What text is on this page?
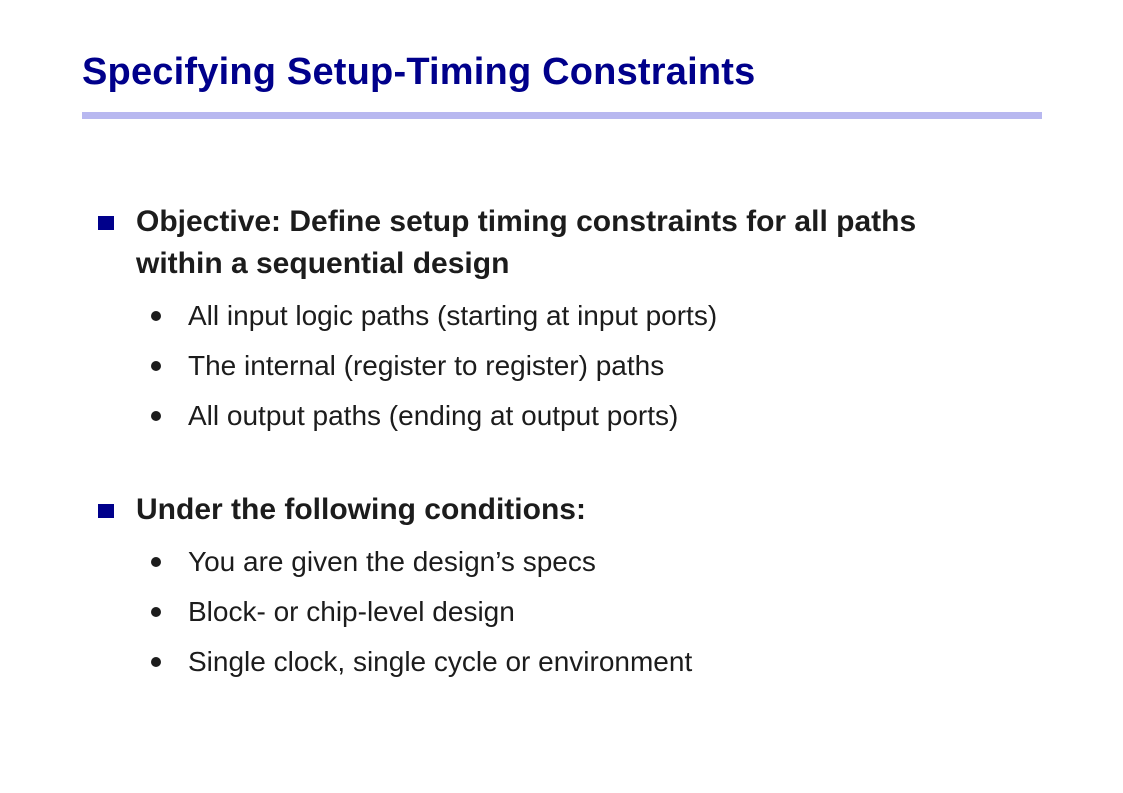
Specifying Setup-Timing Constraints
Objective: Define setup timing constraints for all paths within a sequential design
All input logic paths (starting at input ports)
The internal (register to register) paths
All output paths (ending at output ports)
Under the following conditions:
You are given the design’s specs
Block- or chip-level design
Single clock, single cycle or environment
